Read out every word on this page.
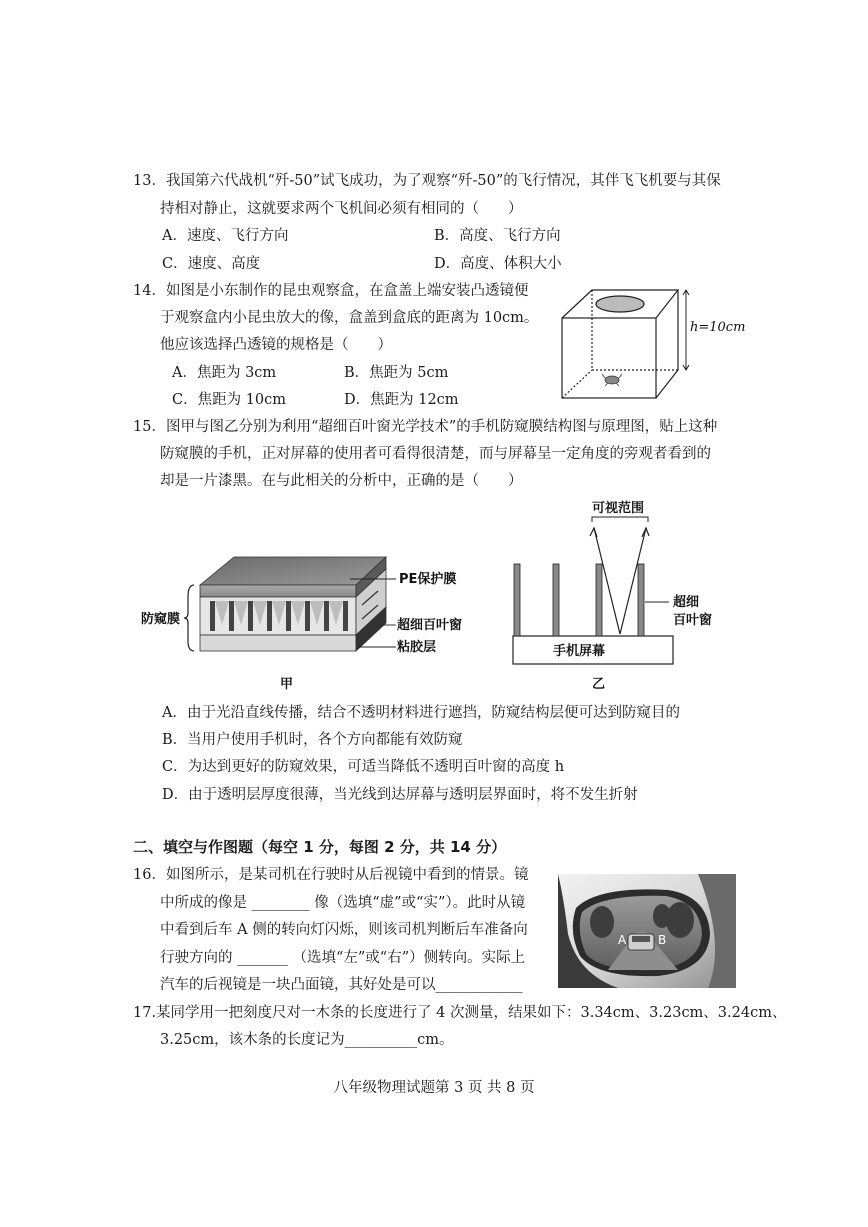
13．我国第六代战机“歼-50”试飞成功，为了观察“歼-50”的飞行情况，其伴飞飞机要与其保
持相对静止，这就要求两个飞机间必须有相同的（　　）
A．速度、飞行方向	B．高度、飞行方向
C．速度、高度	D．高度、体积大小
14．如图是小东制作的昆虫观察盒，在盒盖上端安装凸透镜便
于观察盒内小昆虫放大的像，盒盖到盒底的距离为 10cm。
他应该选择凸透镜的规格是（　　）
A．焦距为 3cm	B．焦距为 5cm
C．焦距为 10cm	D．焦距为 12cm
h=10cm
15．图甲与图乙分别为利用“超细百叶窗光学技术”的手机防窥膜结构图与原理图，贴上这种
防窥膜的手机，正对屏幕的使用者可看得很清楚，而与屏幕呈一定角度的旁观者看到的
却是一片漆黑。在与此相关的分析中，正确的是（　　）
防窥膜
PE保护膜
超细百叶窗
粘胶层
甲
手机屏幕
可视范围
超细
百叶窗
乙
A．由于光沿直线传播，结合不透明材料进行遮挡，防窥结构层便可达到防窥目的
B．当用户使用手机时，各个方向都能有效防窥
C．为达到更好的防窥效果，可适当降低不透明百叶窗的高度 h
D．由于透明层厚度很薄，当光线到达屏幕与透明层界面时，将不发生折射
二、填空与作图题（每空 1 分，每图 2 分，共 14 分）
16．如图所示，是某司机在行驶时从后视镜中看到的情景。镜
中所成的像是 ________ 像（选填“虚”或“实”）。此时从镜
中看到后车 A 侧的转向灯闪烁，则该司机判断后车准备向
行驶方向的 _______ （选填“左”或“右”）侧转向。实际上
汽车的后视镜是一块凸面镜，其好处是可以____________
A	B
17.某同学用一把刻度尺对一木条的长度进行了 4 次测量，结果如下：3.34cm、3.23cm、3.24cm、
3.25cm，该木条的长度记为__________cm。
八年级物理试题第 3 页 共 8 页
